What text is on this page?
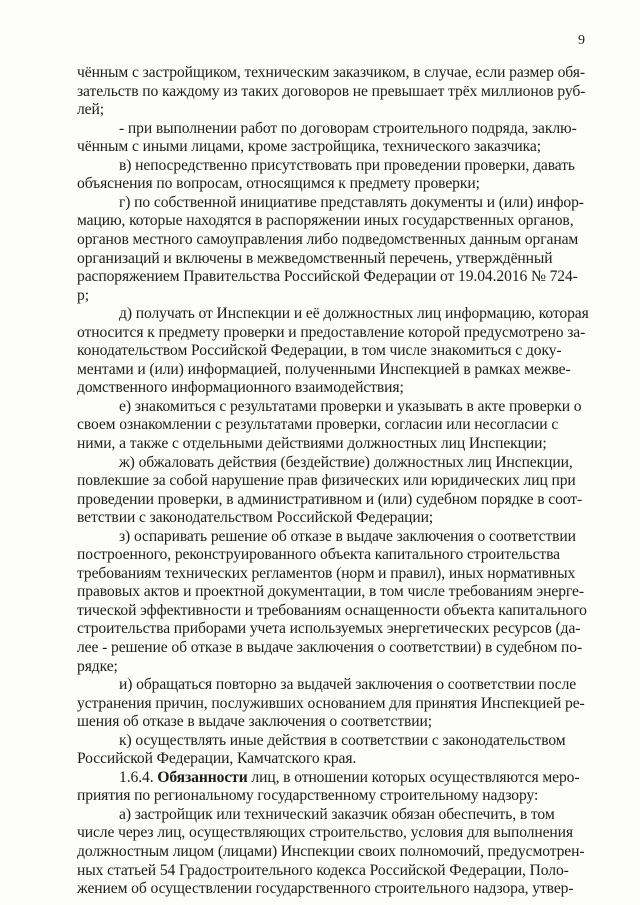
9
чённым с застройщиком, техническим заказчиком, в случае, если размер обя-
зательств по каждому из таких договоров не превышает трёх миллионов руб-
лей;
- при выполнении работ по договорам строительного подряда, заклю-
чённым с иными лицами, кроме застройщика, технического заказчика;
в) непосредственно присутствовать при проведении проверки, давать
объяснения по вопросам, относящимся к предмету проверки;
г) по собственной инициативе представлять документы и (или) инфор-
мацию, которые находятся в распоряжении иных государственных органов,
органов местного самоуправления либо подведомственных данным органам
организаций и включены в межведомственный перечень, утверждённый
распоряжением Правительства Российской Федерации от 19.04.2016 № 724-
р;
д) получать от Инспекции и её должностных лиц информацию, которая
относится к предмету проверки и предоставление которой предусмотрено за-
конодательством Российской Федерации, в том числе знакомиться с доку-
ментами и (или) информацией, полученными Инспекцией в рамках межве-
домственного информационного взаимодействия;
е) знакомиться с результатами проверки и указывать в акте проверки о
своем ознакомлении с результатами проверки, согласии или несогласии с
ними, а также с отдельными действиями должностных лиц Инспекции;
ж) обжаловать действия (бездействие) должностных лиц Инспекции,
повлекшие за собой нарушение прав физических или юридических лиц при
проведении проверки, в административном и (или) судебном порядке в соот-
ветствии с законодательством Российской Федерации;
з) оспаривать решение об отказе в выдаче заключения о соответствии
построенного, реконструированного объекта капитального строительства
требованиям технических регламентов (норм и правил), иных нормативных
правовых актов и проектной документации, в том числе требованиям энерге-
тической эффективности и требованиям оснащенности объекта капитального
строительства приборами учета используемых энергетических ресурсов (да-
лее - решение об отказе в выдаче заключения о соответствии) в судебном по-
рядке;
и) обращаться повторно за выдачей заключения о соответствии после
устранения причин, послуживших основанием для принятия Инспекцией ре-
шения об отказе в выдаче заключения о соответствии;
к) осуществлять иные действия в соответствии с законодательством
Российской Федерации, Камчатского края.
1.6.4. Обязанности лиц, в отношении которых осуществляются меро-
приятия по региональному государственному строительному надзору:
а) застройщик или технический заказчик обязан обеспечить, в том
числе через лиц, осуществляющих строительство, условия для выполнения
должностным лицом (лицами) Инспекции своих полномочий, предусмотрен-
ных статьей 54 Градостроительного кодекса Российской Федерации, Поло-
жением об осуществлении государственного строительного надзора, утвер-
